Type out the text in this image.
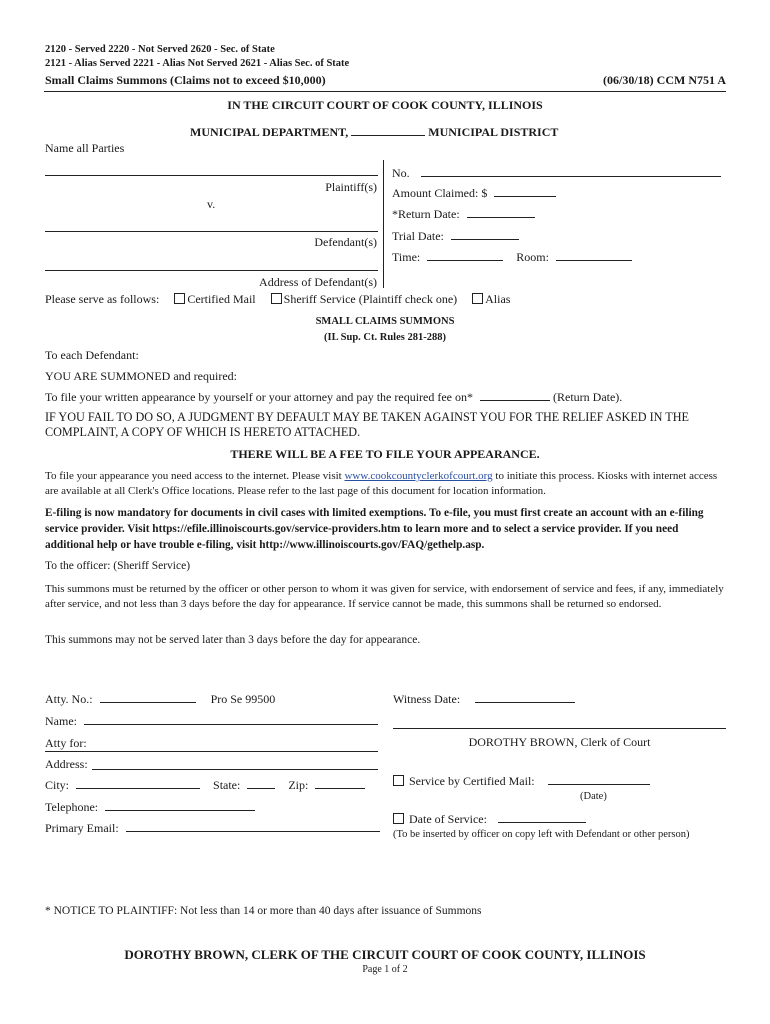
2120 - Served 2220 - Not Served 2620 - Sec. of State
2121 - Alias Served 2221 - Alias Not Served 2621 - Alias Sec. of State
Small Claims Summons (Claims not to exceed $10,000)	(06/30/18) CCM N751 A
IN THE CIRCUIT COURT OF COOK COUNTY, ILLINOIS
MUNICIPAL DEPARTMENT,	MUNICIPAL DISTRICT
Name all Parties
Plaintiff(s)
v.
Defendant(s)
Address of Defendant(s)
No.
Amount Claimed: $
*Return Date:
Trial Date:
Time:	Room:
Please serve as follows: Certified Mail Sheriff Service (Plaintiff check one) Alias
SMALL CLAIMS SUMMONS
(IL Sup. Ct. Rules 281-288)
To each Defendant:
YOU ARE SUMMONED and required:
To file your written appearance by yourself or your attorney and pay the required fee on*	(Return Date).
IF YOU FAIL TO DO SO, A JUDGMENT BY DEFAULT MAY BE TAKEN AGAINST YOU FOR THE RELIEF ASKED IN THE COMPLAINT, A COPY OF WHICH IS HERETO ATTACHED.
THERE WILL BE A FEE TO FILE YOUR APPEARANCE.
To file your appearance you need access to the internet. Please visit www.cookcountyclerkofcourt.org to initiate this process. Kiosks with internet access are available at all Clerk's Office locations. Please refer to the last page of this document for location information.
E-filing is now mandatory for documents in civil cases with limited exemptions. To e-file, you must first create an account with an e-filing service provider. Visit https://efile.illinoiscourts.gov/service-providers.htm to learn more and to select a service provider. If you need additional help or have trouble e-filing, visit http://www.illinoiscourts.gov/FAQ/gethelp.asp.
To the officer: (Sheriff Service)
This summons must be returned by the officer or other person to whom it was given for service, with endorsement of service and fees, if any, immediately after service, and not less than 3 days before the day for appearance. If service cannot be made, this summons shall be returned so endorsed.
This summons may not be served later than 3 days before the day for appearance.
Atty. No.:	Pro Se 99500
Name:
Atty for:
Address:
City:	State:	Zip:
Telephone:
Primary Email:
Witness Date:
DOROTHY BROWN, Clerk of Court
Service by Certified Mail:
(Date)
Date of Service:
(To be inserted by officer on copy left with Defendant or other person)
* NOTICE TO PLAINTIFF: Not less than 14 or more than 40 days after issuance of Summons
DOROTHY BROWN, CLERK OF THE CIRCUIT COURT OF COOK COUNTY, ILLINOIS
Page 1 of 2
